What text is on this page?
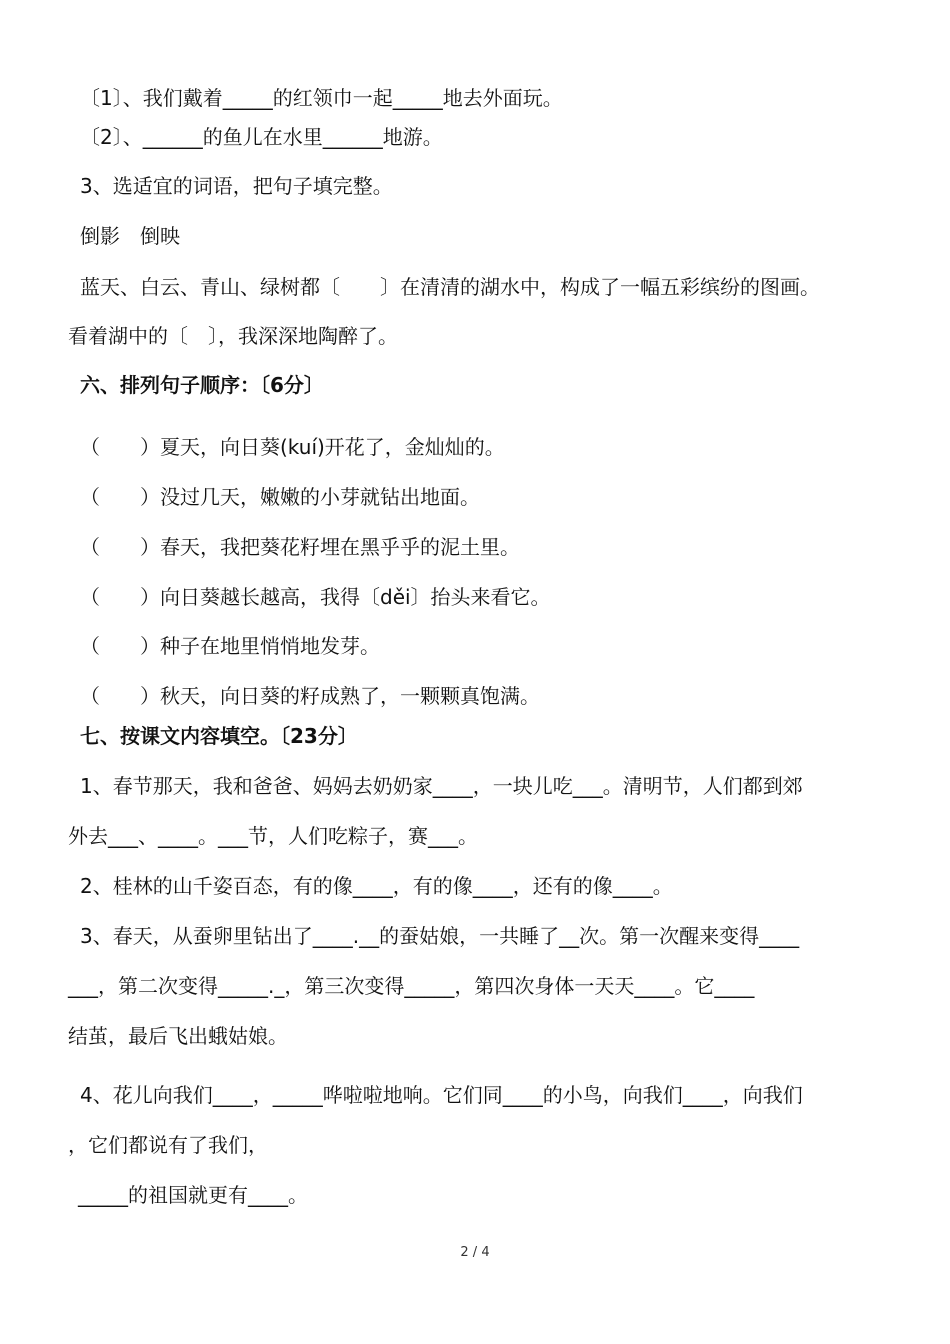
〔1〕、我们戴着_____的红领巾一起_____地去外面玩。
〔2〕、______的鱼儿在水里______地游。
3、选适宜的词语，把句子填完整。
倒影　倒映
蓝天、白云、青山、绿树都〔　　〕在清清的湖水中，构成了一幅五彩缤纷的图画。
看着湖中的〔　〕，我深深地陶醉了。
六、排列句子顺序：〔6分〕
（　　）夏天，向日葵(kuí)开花了，金灿灿的。
（　　）没过几天，嫩嫩的小芽就钻出地面。
（　　）春天，我把葵花籽埋在黑乎乎的泥土里。
（　　）向日葵越长越高，我得〔děi〕抬头来看它。
（　　）种子在地里悄悄地发芽。
（　　）秋天，向日葵的籽成熟了，一颗颗真饱满。
七、按课文内容填空。〔23分〕
1、春节那天，我和爸爸、妈妈去奶奶家____，一块儿吃___。清明节，人们都到郊
外去___、____。___节，人们吃粽子，赛___。
2、桂林的山千姿百态，有的像____，有的像____，还有的像____。
3、春天，从蚕卵里钻出了____.__的蚕姑娘，一共睡了__次。第一次醒来变得____
___，第二次变得_____._，第三次变得_____，第四次身体一天天____。它____
结茧，最后飞出蛾姑娘。
4、花儿向我们____，_____哗啦啦地响。它们同____的小鸟，向我们____，向我们
，它们都说有了我们，
_____的祖国就更有____。
2 / 4
